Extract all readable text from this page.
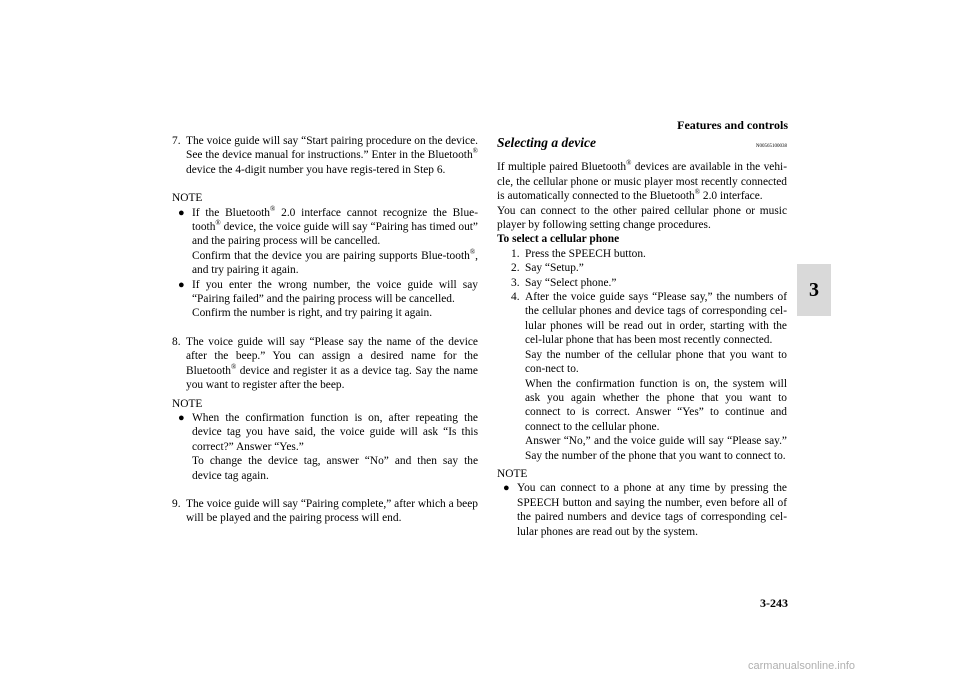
Features and controls
3
7. The voice guide will say “Start pairing procedure on the device. See the device manual for instructions.” Enter in the Bluetooth® device the 4-digit number you have regis-tered in Step 6.
NOTE
● If the Bluetooth® 2.0 interface cannot recognize the Blue-tooth® device, the voice guide will say “Pairing has timed out” and the pairing process will be cancelled.
Confirm that the device you are pairing supports Blue-tooth®, and try pairing it again.
● If you enter the wrong number, the voice guide will say “Pairing failed” and the pairing process will be cancelled.
Confirm the number is right, and try pairing it again.
8. The voice guide will say “Please say the name of the device after the beep.” You can assign a desired name for the Bluetooth® device and register it as a device tag. Say the name you want to register after the beep.
NOTE
● When the confirmation function is on, after repeating the device tag you have said, the voice guide will ask “Is this correct?” Answer “Yes.”
To change the device tag, answer “No” and then say the device tag again.
9. The voice guide will say “Pairing complete,” after which a beep will be played and the pairing process will end.
Selecting a device	N00565100038
If multiple paired Bluetooth® devices are available in the vehi-cle, the cellular phone or music player most recently connected is automatically connected to the Bluetooth® 2.0 interface.
You can connect to the other paired cellular phone or music player by following setting change procedures.
To select a cellular phone
1. Press the SPEECH button.
2. Say “Setup.”
3. Say “Select phone.”
4. After the voice guide says “Please say,” the numbers of the cellular phones and device tags of corresponding cel-lular phones will be read out in order, starting with the cel-lular phone that has been most recently connected.
Say the number of the cellular phone that you want to con-nect to.
When the confirmation function is on, the system will ask you again whether the phone that you want to connect to is correct. Answer “Yes” to continue and connect to the cellular phone.
Answer “No,” and the voice guide will say “Please say.” Say the number of the phone that you want to connect to.
NOTE
● You can connect to a phone at any time by pressing the SPEECH button and saying the number, even before all of the paired numbers and device tags of corresponding cel-lular phones are read out by the system.
3-243
carmanualsonline.info
